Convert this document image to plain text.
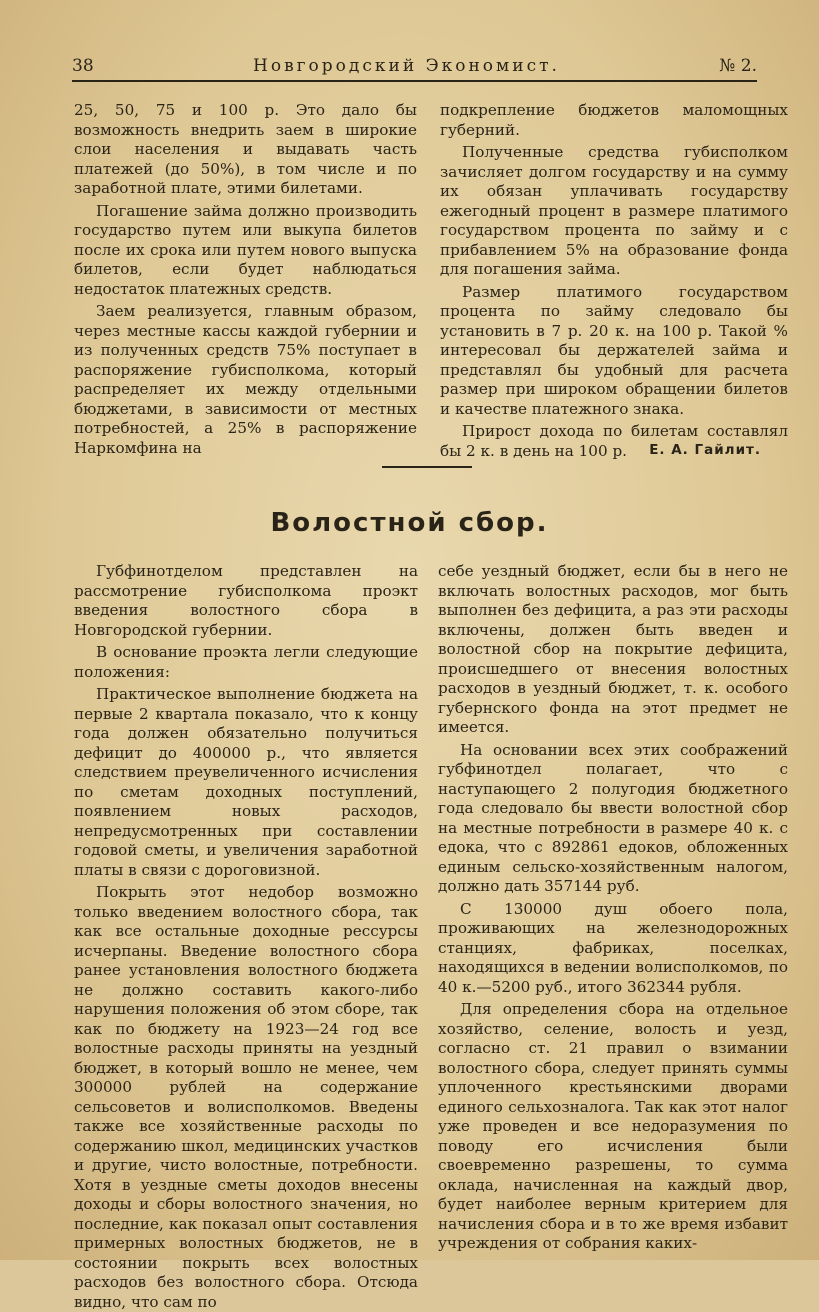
38	Новгородский Экономист.	№ 2.

25, 50, 75 и 100 р. Это дало бы возможность внедрить заем в широкие слои населения и выдавать часть платежей (до 50%), в том числе и по заработной плате, этими билетами.

Погашение займа должно производить государство путем или выкупа билетов после их срока или путем нового выпуска билетов, если будет наблюдаться недостаток платежных средств.

Заем реализуется, главным образом, через местные кассы каждой губернии и из полученных средств 75% поступает в распоряжение губисполкома, который распределяет их между отдельными бюджетами, в зависимости от местных потребностей, а 25% в распоряжение Наркомфина на

подкрепление бюджетов маломощных губерний.

Полученные средства губисполком зачисляет долгом государству и на сумму их обязан уплачивать государству ежегодный процент в размере платимого государством процента по займу и с прибавлением 5% на образование фонда для погашения займа.

Размер платимого государством процента по займу следовало бы установить в 7 р. 20 к. на 100 р. Такой % интересовал бы держателей займа и представлял бы удобный для расчета размер при широком обращении билетов и качестве платежного знака.

Прирост дохода по билетам составлял бы 2 к. в день на 100 р.	Е. А. Гайлит.
Волостной сбор.

Губфинотделом представлен на рассмотрение губисполкома проэкт введения волостного сбора в Новгородской губернии.

В основание проэкта легли следующие положения:

Практическое выполнение бюджета на первые 2 квартала показало, что к концу года должен обязательно получиться дефицит до 400000 р., что является следствием преувеличенного исчисления по сметам доходных поступлений, появлением новых расходов, непредусмотренных при составлении годовой сметы, и увеличения заработной платы в связи с дороговизной.

Покрыть этот недобор возможно только введением волостного сбора, так как все остальные доходные рессурсы исчерпаны. Введение волостного сбора ранее установления волостного бюджета не должно составить какого-либо нарушения положения об этом сборе, так как по бюджету на 1923—24 год все волостные расходы приняты на уездный бюджет, в который вошло не менее, чем 300000 рублей на содержание сельсоветов и волисполкомов. Введены также все хозяйственные расходы по содержанию школ, медицинских участков и другие, чисто волостные, потребности. Хотя в уездные сметы доходов внесены доходы и сборы волостного значения, но последние, как показал опыт составления примерных волостных бюджетов, не в состоянии покрыть всех волостных расходов без волостного сбора. Отсюда видно, что сам по

себе уездный бюджет, если бы в него не включать волостных расходов, мог быть выполнен без дефицита, а раз эти расходы включены, должен быть введен и волостной сбор на покрытие дефицита, происшедшего от внесения волостных расходов в уездный бюджет, т. к. особого губернского фонда на этот предмет не имеется.

На основании всех этих соображений губфинотдел полагает, что с наступающего 2 полугодия бюджетного года следовало бы ввести волостной сбор на местные потребности в размере 40 к. с едока, что с 892861 едоков, обложенных единым сельско-хозяйственным налогом, должно дать 357144 руб.

С 130000 душ обоего пола, проживающих на железнодорожных станциях, фабриках, поселках, находящихся в ведении волисполкомов, по 40 к.—5200 руб., итого 362344 рубля.

Для определения сбора на отдельное хозяйство, селение, волость и уезд, согласно ст. 21 правил о взимании волостного сбора, следует принять суммы уплоченного крестьянскими дворами единого сельхозналога. Так как этот налог уже проведен и все недоразумения по поводу его исчисления были своевременно разрешены, то сумма оклада, начисленная на каждый двор, будет наиболее верным критерием для начисления сбора и в то же время избавит учреждения от собрания каких-
